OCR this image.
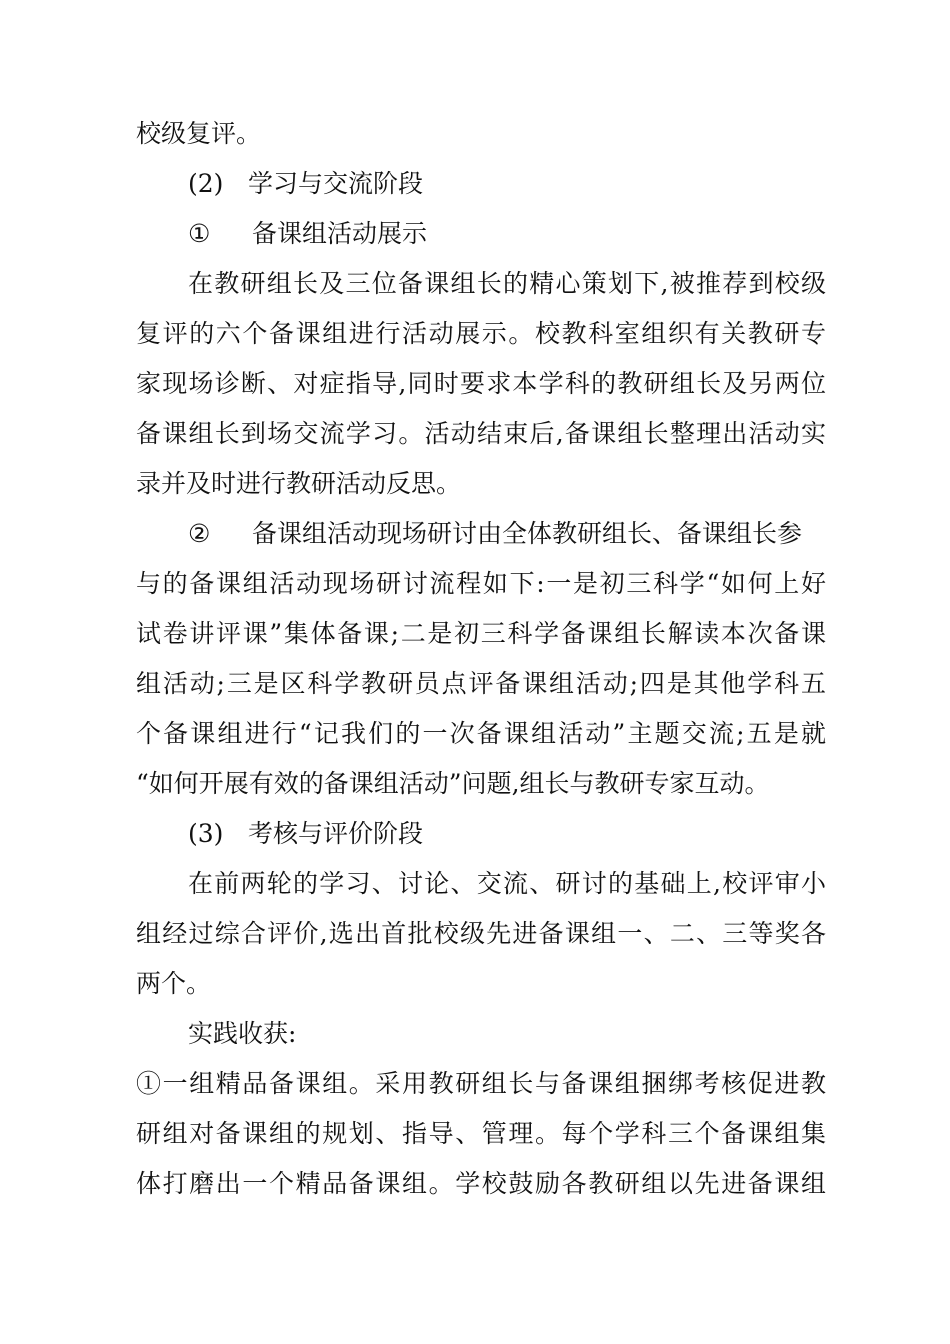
校级复评。
(2) 学习与交流阶段
① 备课组活动展示
在教研组长及三位备课组长的精心策划下,被推荐到校级
复评的六个备课组进行活动展示。校教科室组织有关教研专
家现场诊断、对症指导,同时要求本学科的教研组长及另两位
备课组长到场交流学习。活动结束后,备课组长整理出活动实
录并及时进行教研活动反思。
② 备课组活动现场研讨由全体教研组长、备课组长参
与的备课组活动现场研讨流程如下:一是初三科学“如何上好
试卷讲评课”集体备课;二是初三科学备课组长解读本次备课
组活动;三是区科学教研员点评备课组活动;四是其他学科五
个备课组进行“记我们的一次备课组活动”主题交流;五是就
“如何开展有效的备课组活动”问题,组长与教研专家互动。
(3) 考核与评价阶段
在前两轮的学习、讨论、交流、研讨的基础上,校评审小
组经过综合评价,选出首批校级先进备课组一、二、三等奖各
两个。
实践收获:
①一组精品备课组。采用教研组长与备课组捆绑考核促进教
研组对备课组的规划、指导、管理。每个学科三个备课组集
体打磨出一个精品备课组。学校鼓励各教研组以先进备课组
